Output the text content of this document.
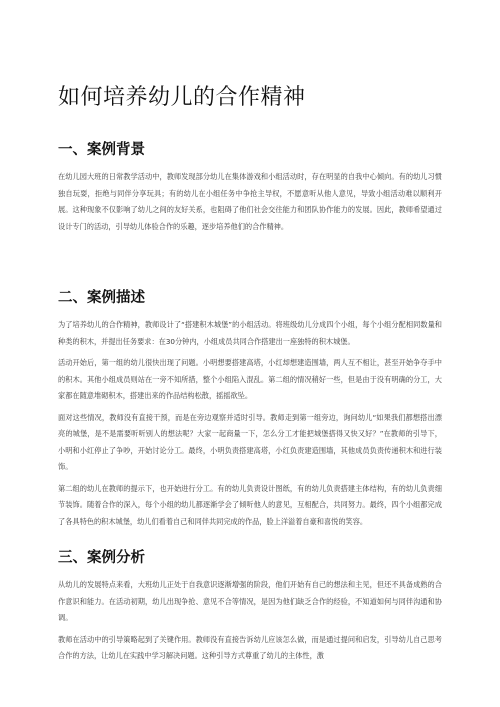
如何培养幼儿的合作精神
一、案例背景

在幼儿园大班的日常教学活动中，教师发现部分幼儿在集体游戏和小组活动时，存在明显的自我中心倾向。有的幼儿习惯独自玩耍，拒绝与同伴分享玩具；有的幼儿在小组任务中争抢主导权，不愿意听从他人意见，导致小组活动难以顺利开展。这种现象不仅影响了幼儿之间的友好关系，也阻碍了他们社会交往能力和团队协作能力的发展。因此，教师希望通过设计专门的活动，引导幼儿体验合作的乐趣，逐步培养他们的合作精神。

二、案例描述

为了培养幼儿的合作精神，教师设计了“搭建积木城堡”的小组活动。将班级幼儿分成四个小组，每个小组分配相同数量和种类的积木，并提出任务要求：在30分钟内，小组成员共同合作搭建出一座独特的积木城堡。

活动开始后，第一组的幼儿很快出现了问题。小明想要搭建高塔，小红却想建造围墙，两人互不相让，甚至开始争夺手中的积木。其他小组成员则站在一旁不知所措，整个小组陷入混乱。第二组的情况稍好一些，但是由于没有明确的分工，大家都在随意堆砌积木，搭建出来的作品结构松散，摇摇欲坠。

面对这些情况，教师没有直接干预，而是在旁边观察并适时引导。教师走到第一组旁边，询问幼儿“如果我们都想搭出漂亮的城堡，是不是需要听听别人的想法呢？大家一起商量一下，怎么分工才能把城堡搭得又快又好？”在教师的引导下，小明和小红停止了争吵，开始讨论分工。最终，小明负责搭建高塔，小红负责建造围墙，其他成员负责传递积木和进行装饰。

第二组的幼儿在教师的提示下，也开始进行分工。有的幼儿负责设计图纸，有的幼儿负责搭建主体结构，有的幼儿负责细节装饰。随着合作的深入，每个小组的幼儿都逐渐学会了倾听他人的意见，互相配合，共同努力。最终，四个小组都完成了各具特色的积木城堡，幼儿们看着自己和同伴共同完成的作品，脸上洋溢着自豪和喜悦的笑容。

三、案例分析

从幼儿的发展特点来看，大班幼儿正处于自我意识逐渐增强的阶段，他们开始有自己的想法和主见，但还不具备成熟的合作意识和能力。在活动初期，幼儿出现争抢、意见不合等情况，是因为他们缺乏合作的经验，不知道如何与同伴沟通和协调。

教师在活动中的引导策略起到了关键作用。教师没有直接告诉幼儿应该怎么做，而是通过提问和启发，引导幼儿自己思考合作的方法，让幼儿在实践中学习解决问题。这种引导方式尊重了幼儿的主体性，激
